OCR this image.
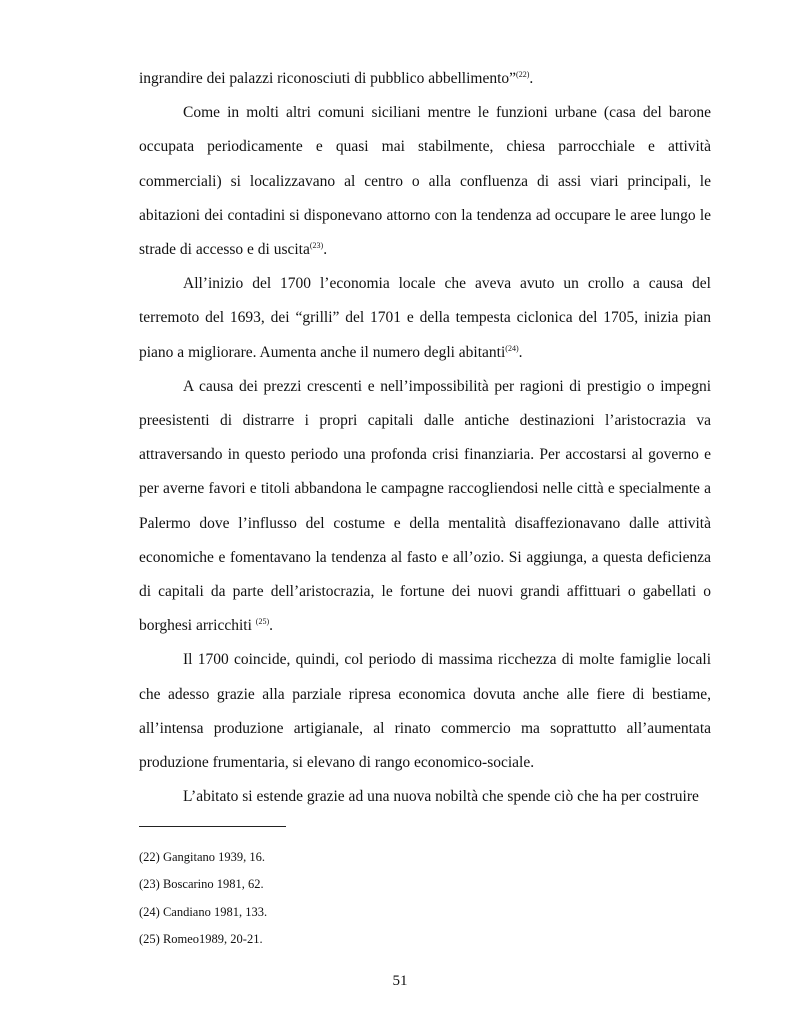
ingrandire dei palazzi riconosciuti di pubblico abbellimento”$^{(22)}$.

Come in molti altri comuni siciliani mentre le funzioni urbane (casa del barone occupata periodicamente e quasi mai stabilmente, chiesa parrocchiale e attività commerciali) si localizzavano al centro o alla confluenza di assi viari principali, le abitazioni dei contadini si disponevano attorno con la tendenza ad occupare le aree lungo le strade di accesso e di uscita$^{(23)}$.

All’inizio del 1700 l’economia locale che aveva avuto un crollo a causa del terremoto del 1693, dei “grilli” del 1701 e della tempesta ciclonica del 1705, inizia pian piano a migliorare. Aumenta anche il numero degli abitanti$^{(24)}$.

A causa dei prezzi crescenti e nell’impossibilità per ragioni di prestigio o impegni preesistenti di distrarre i propri capitali dalle antiche destinazioni l’aristocrazia va attraversando in questo periodo una profonda crisi finanziaria. Per accostarsi al governo e per averne favori e titoli abbandona le campagne raccogliendosi nelle città e specialmente a Palermo dove l’influsso del costume e della mentalità disaffezionavano dalle attività economiche e fomentavano la tendenza al fasto e all’ozio. Si aggiunga, a questa deficienza di capitali da parte dell’aristocrazia, le fortune dei nuovi grandi affittuari o gabellati o borghesi arricchiti $^{(25)}$.

Il 1700 coincide, quindi, col periodo di massima ricchezza di molte famiglie locali che adesso grazie alla parziale ripresa economica dovuta anche alle fiere di bestiame, all’intensa produzione artigianale, al rinato commercio ma soprattutto all’aumentata produzione frumentaria, si elevano di rango economico-sociale.

L’abitato si estende grazie ad una nuova nobiltà che spende ciò che ha per costruire

(22) Gangitano 1939, 16.

(23) Boscarino 1981, 62.

(24) Candiano 1981, 133.

(25) Romeo1989, 20-21.

51
